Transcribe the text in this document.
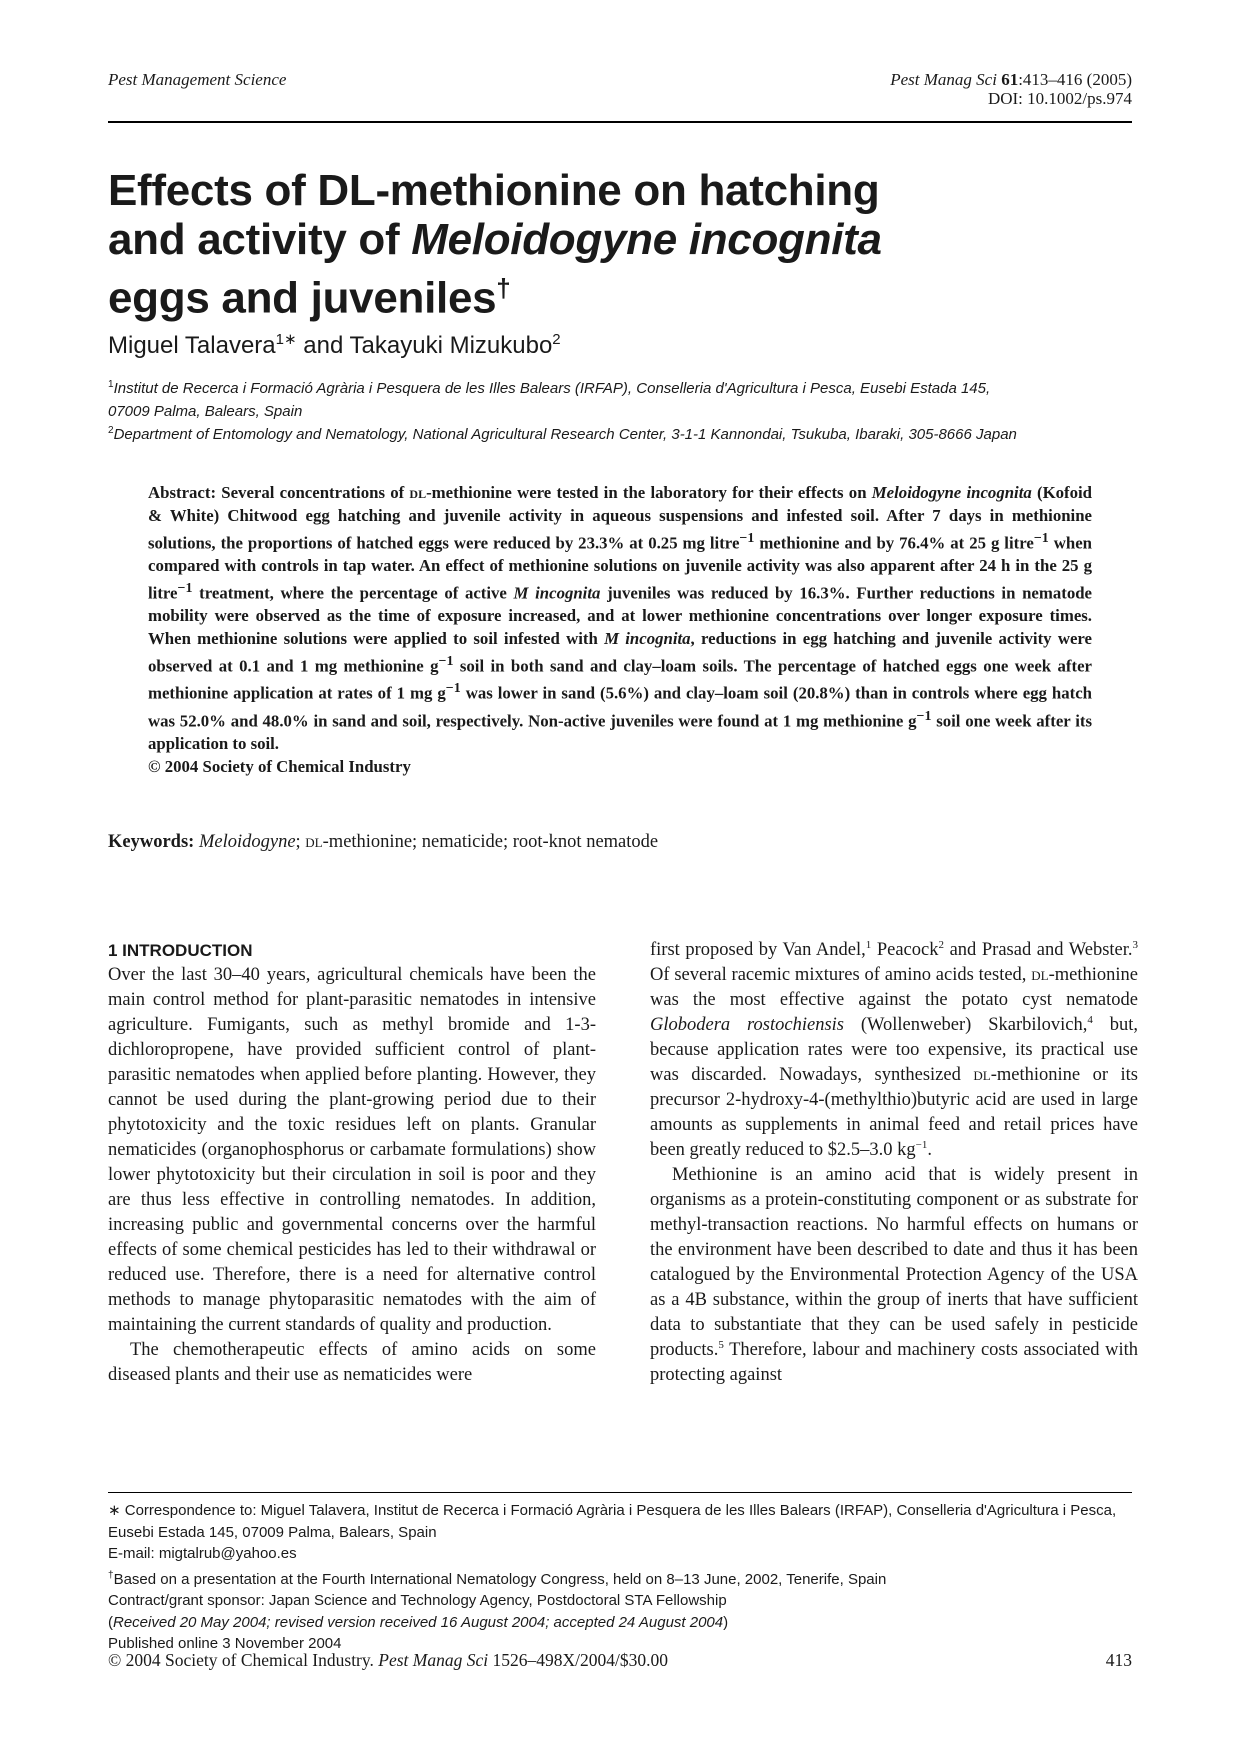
Pest Management Science	Pest Manag Sci 61:413–416 (2005)
DOI: 10.1002/ps.974
Effects of DL-methionine on hatching
and activity of Meloidogyne incognita
eggs and juveniles†
Miguel Talavera$^{1∗}$ and Takayuki Mizukubo$^2$
$^1$Institut de Recerca i Formació Agrària i Pesquera de les Illes Balears (IRFAP), Conselleria d'Agricultura i Pesca, Eusebi Estada 145,
07009 Palma, Balears, Spain
$^2$Department of Entomology and Nematology, National Agricultural Research Center, 3-1-1 Kannondai, Tsukuba, Ibaraki, 305-8666 Japan

Abstract: Several concentrations of dl-methionine were tested in the laboratory for their effects on Meloidogyne incognita (Kofoid & White) Chitwood egg hatching and juvenile activity in aqueous suspensions and infested soil. After 7 days in methionine solutions, the proportions of hatched eggs were reduced by 23.3% at 0.25 mg litre$^{-1}$ methionine and by 76.4% at 25 g litre$^{-1}$ when compared with controls in tap water. An effect of methionine solutions on juvenile activity was also apparent after 24 h in the 25 g litre$^{-1}$ treatment, where the percentage of active M incognita juveniles was reduced by 16.3%. Further reductions in nematode mobility were observed as the time of exposure increased, and at lower methionine concentrations over longer exposure times. When methionine solutions were applied to soil infested with M incognita, reductions in egg hatching and juvenile activity were observed at 0.1 and 1 mg methionine $g^{-1}$ soil in both sand and clay–loam soils. The percentage of hatched eggs one week after methionine application at rates of 1 mg $g^{-1}$ was lower in sand (5.6%) and clay–loam soil (20.8%) than in controls where egg hatch was 52.0% and 48.0% in sand and soil, respectively. Non-active juveniles were found at 1 mg methionine $g^{-1}$ soil one week after its application to soil.

© 2004 Society of Chemical Industry

Keywords: Meloidogyne; dl-methionine; nematicide; root-knot nematode
1 INTRODUCTION

Over the last 30–40 years, agricultural chemicals have been the main control method for plant-parasitic nematodes in intensive agriculture. Fumigants, such as methyl bromide and 1-3-dichloropropene, have provided sufficient control of plant-parasitic nematodes when applied before planting. However, they cannot be used during the plant-growing period due to their phytotoxicity and the toxic residues left on plants. Granular nematicides (organophosphorus or carbamate formulations) show lower phytotoxicity but their circulation in soil is poor and they are thus less effective in controlling nematodes. In addition, increasing public and governmental concerns over the harmful effects of some chemical pesticides has led to their withdrawal or reduced use. Therefore, there is a need for alternative control methods to manage phytoparasitic nematodes with the aim of maintaining the current standards of quality and production.

The chemotherapeutic effects of amino acids on some diseased plants and their use as nematicides were

first proposed by Van Andel,$^1$ Peacock$^2$ and Prasad and Webster.$^3$ Of several racemic mixtures of amino acids tested, dl-methionine was the most effective against the potato cyst nematode Globodera rostochiensis (Wollenweber) Skarbilovich,$^4$ but, because application rates were too expensive, its practical use was discarded. Nowadays, synthesized dl-methionine or its precursor 2-hydroxy-4-(methylthio)butyric acid are used in large amounts as supplements in animal feed and retail prices have been greatly reduced to $2.5–3.0 $kg^{-1}$.

Methionine is an amino acid that is widely present in organisms as a protein-constituting component or as substrate for methyl-transaction reactions. No harmful effects on humans or the environment have been described to date and thus it has been catalogued by the Environmental Protection Agency of the USA as a 4B substance, within the group of inerts that have sufficient data to substantiate that they can be used safely in pesticide products.$^5$ Therefore, labour and machinery costs associated with protecting against

∗ Correspondence to: Miguel Talavera, Institut de Recerca i Formació Agrària i Pesquera de les Illes Balears (IRFAP), Conselleria d'Agricultura i Pesca, Eusebi Estada 145, 07009 Palma, Balears, Spain
E-mail: migtalrub@yahoo.es
†Based on a presentation at the Fourth International Nematology Congress, held on 8–13 June, 2002, Tenerife, Spain
Contract/grant sponsor: Japan Science and Technology Agency, Postdoctoral STA Fellowship
(Received 20 May 2004; revised version received 16 August 2004; accepted 24 August 2004)
Published online 3 November 2004
© 2004 Society of Chemical Industry. Pest Manag Sci 1526–498X/2004/$30.00	413
